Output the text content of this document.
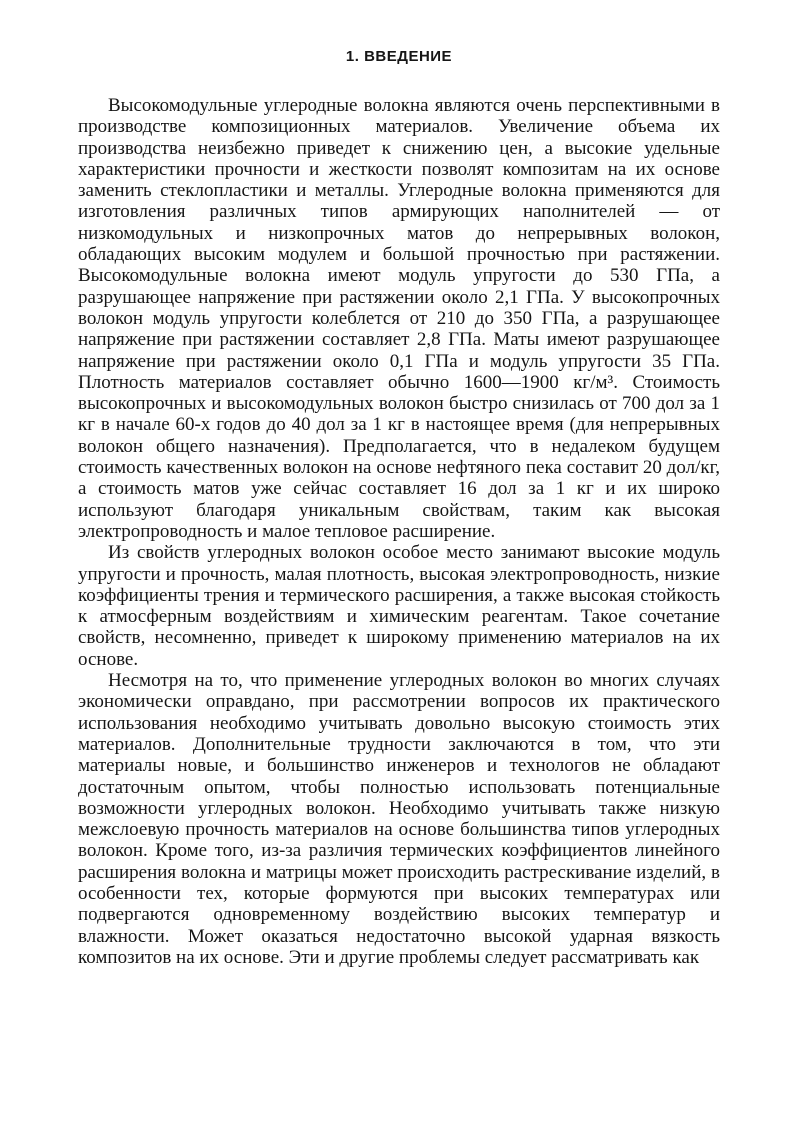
1. ВВЕДЕНИЕ

Высокомодульные углеродные волокна являются очень перспективными в производстве композиционных материалов. Увеличение объема их производства неизбежно приведет к снижению цен, а высокие удельные характеристики прочности и жесткости позволят композитам на их основе заменить стеклопластики и металлы. Углеродные волокна применяются для изготовления различных типов армирующих наполнителей — от низкомодульных и низкопрочных матов до непрерывных волокон, обладающих высоким модулем и большой прочностью при растяжении. Высокомодульные волокна имеют модуль упругости до 530 ГПа, а разрушающее напряжение при растяжении около 2,1 ГПа. У высокопрочных волокон модуль упругости колеблется от 210 до 350 ГПа, а разрушающее напряжение при растяжении составляет 2,8 ГПа. Маты имеют разрушающее напряжение при растяжении около 0,1 ГПа и модуль упругости 35 ГПа. Плотность материалов составляет обычно 1600—1900 кг/м³. Стоимость высокопрочных и высокомодульных волокон быстро снизилась от 700 дол за 1 кг в начале 60-х годов до 40 дол за 1 кг в настоящее время (для непрерывных волокон общего назначения). Предполагается, что в недалеком будущем стоимость качественных волокон на основе нефтяного пека составит 20 дол/кг, а стоимость матов уже сейчас составляет 16 дол за 1 кг и их широко используют благодаря уникальным свойствам, таким как высокая электропроводность и малое тепловое расширение.

Из свойств углеродных волокон особое место занимают высокие модуль упругости и прочность, малая плотность, высокая электропроводность, низкие коэффициенты трения и термического расширения, а также высокая стойкость к атмосферным воздействиям и химическим реагентам. Такое сочетание свойств, несомненно, приведет к широкому применению материалов на их основе.

Несмотря на то, что применение углеродных волокон во многих случаях экономически оправдано, при рассмотрении вопросов их практического использования необходимо учитывать довольно высокую стоимость этих материалов. Дополнительные трудности заключаются в том, что эти материалы новые, и большинство инженеров и технологов не обладают достаточным опытом, чтобы полностью использовать потенциальные возможности углеродных волокон. Необходимо учитывать также низкую межслоевую прочность материалов на основе большинства типов углеродных волокон. Кроме того, из-за различия термических коэффициентов линейного расширения волокна и матрицы может происходить растрескивание изделий, в особенности тех, которые формуются при высоких температурах или подвергаются одновременному воздействию высоких температур и влажности. Может оказаться недостаточно высокой ударная вязкость композитов на их основе. Эти и другие проблемы следует рассматривать как
